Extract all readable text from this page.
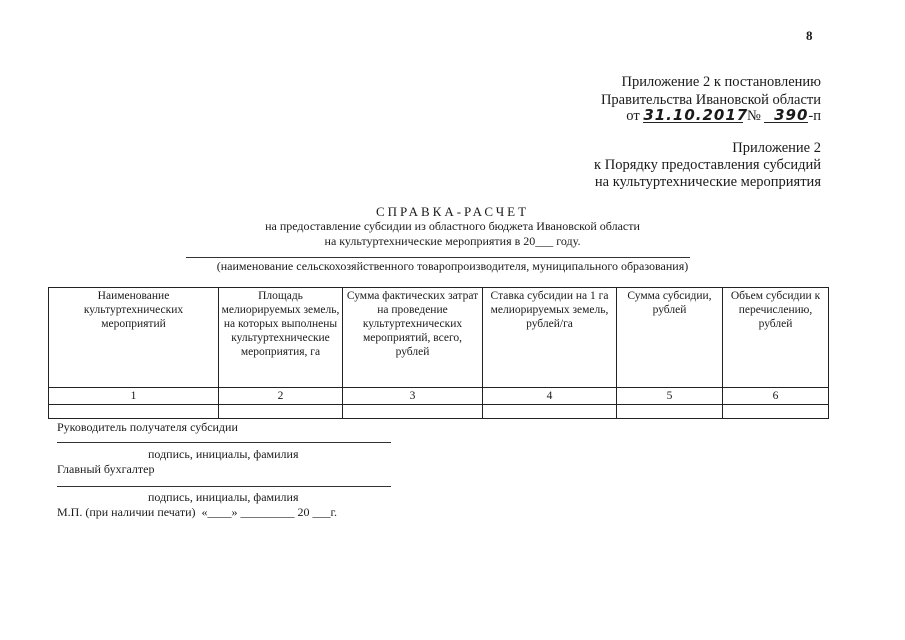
8
Приложение 2 к постановлению
Правительства Ивановской области
от 31.10.2017 № 390-п
Приложение 2
к Порядку предоставления субсидий
на культуртехнические мероприятия
СПРАВКА-РАСЧЕТ
на предоставление субсидии из областного бюджета Ивановской области
на культуртехнические мероприятия в 20___ году.
(наименование сельскохозяйственного товаропроизводителя, муниципального образования)
Наименование культуртехнических мероприятий	Площадь мелиорируемых земель, на которых выполнены культуртехнические мероприятия, га	Сумма фактических затрат на проведение культуртехнических мероприятий, всего, рублей	Ставка субсидии на 1 га мелиорируемых земель, рублей/га	Сумма субсидии, рублей	Объем субсидии к перечислению, рублей
1	2	3	4	5	6

Руководитель получателя субсидии
подпись, инициалы, фамилия
Главный бухгалтер
подпись, инициалы, фамилия
М.П. (при наличии печати)  «____» _________ 20 ___г.
